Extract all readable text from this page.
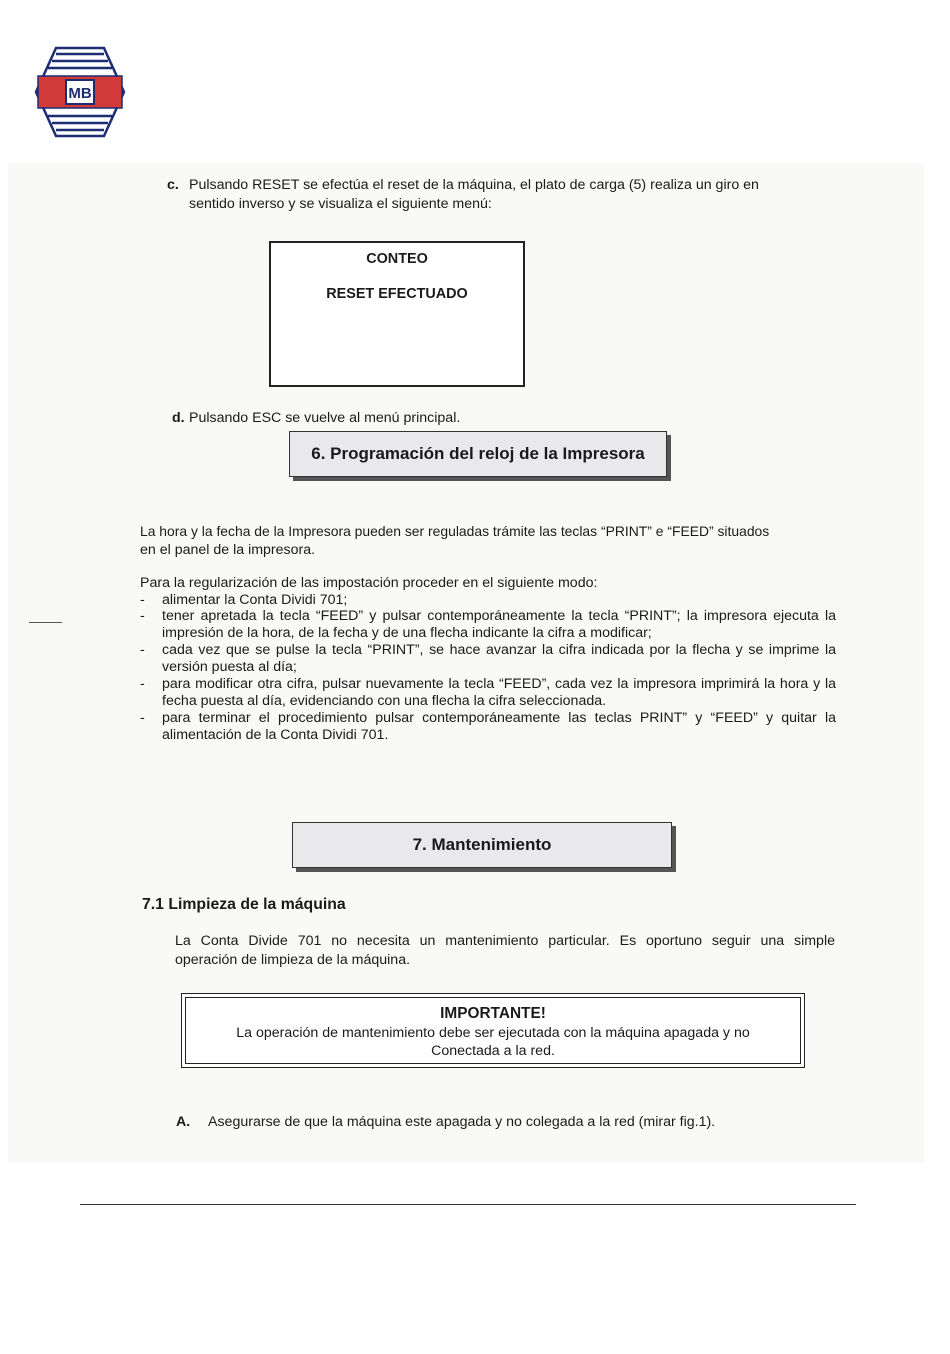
MB
c. Pulsando RESET se efectúa el reset de la máquina, el plato de carga (5) realiza un giro en
sentido inverso y se visualiza el siguiente menú:
CONTEO
RESET EFECTUADO
d. Pulsando ESC se vuelve al menú principal.
6. Programación del reloj de la Impresora
La hora y la fecha de la Impresora pueden ser reguladas trámite las teclas “PRINT” e “FEED” situados
en el panel de la impresora.
Para la regularización de las impostación proceder en el siguiente modo:
- alimentar la Conta Dividi 701;
- tener apretada la tecla “FEED” y pulsar contemporáneamente la tecla “PRINT”; la impresora ejecuta la impresión de la hora, de la fecha y de una flecha indicante la cifra a modificar;
- cada vez que se pulse la tecla “PRINT”, se hace avanzar la cifra indicada por la flecha y se imprime la versión puesta al día;
- para modificar otra cifra, pulsar nuevamente la tecla “FEED”, cada vez la impresora imprimirá la hora y la fecha puesta al día, evidenciando con una flecha la cifra seleccionada.
- para terminar el procedimiento pulsar contemporáneamente las teclas PRINT” y “FEED” y quitar la alimentación de la Conta Dividi 701.
7. Mantenimiento
7.1 Limpieza de la máquina
La Conta Divide 701 no necesita un mantenimiento particular. Es oportuno seguir una simple
operación de limpieza de la máquina.
IMPORTANTE!
La operación de mantenimiento debe ser ejecutada con la máquina apagada y no
Conectada a la red.
A. Asegurarse de que la máquina este apagada y no colegada a la red (mirar fig.1).
